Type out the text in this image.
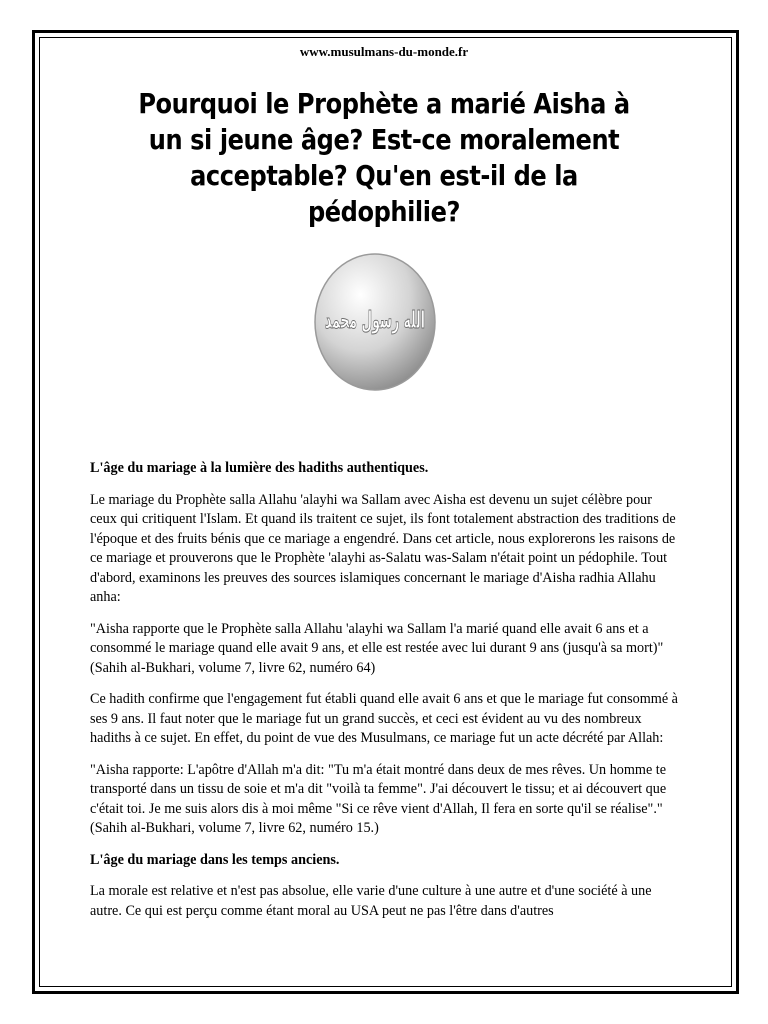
www.musulmans-du-monde.fr
Pourquoi le Prophète a marié Aisha à un si jeune âge? Est-ce moralement acceptable? Qu'en est-il de la pédophilie?
الله رسول محمد

L'âge du mariage à la lumière des hadiths authentiques.

Le mariage du Prophète salla Allahu 'alayhi wa Sallam avec Aisha est devenu un sujet célèbre pour ceux qui critiquent l'Islam. Et quand ils traitent ce sujet, ils font totalement abstraction des traditions de l'époque et des fruits bénis que ce mariage a engendré. Dans cet article, nous explorerons les raisons de ce mariage et prouverons que le Prophète 'alayhi as-Salatu was-Salam n'était point un pédophile. Tout d'abord, examinons les preuves des sources islamiques concernant le mariage d'Aisha radhia Allahu anha:

"Aisha rapporte que le Prophète salla Allahu 'alayhi wa Sallam l'a marié quand elle avait 6 ans et a consommé le mariage quand elle avait 9 ans, et elle est restée avec lui durant 9 ans (jusqu'à sa mort)" (Sahih al-Bukhari, volume 7, livre 62, numéro 64)

Ce hadith confirme que l'engagement fut établi quand elle avait 6 ans et que le mariage fut consommé à ses 9 ans. Il faut noter que le mariage fut un grand succès, et ceci est évident au vu des nombreux hadiths à ce sujet. En effet, du point de vue des Musulmans, ce mariage fut un acte décrété par Allah:

"Aisha rapporte: L'apôtre d'Allah m'a dit: "Tu m'a était montré dans deux de mes rêves. Un homme te transporté dans un tissu de soie et m'a dit "voilà ta femme". J'ai découvert le tissu; et ai découvert que c'était toi. Je me suis alors dis à moi même "Si ce rêve vient d'Allah, Il fera en sorte qu'il se réalise"." (Sahih al-Bukhari, volume 7, livre 62, numéro 15.)

L'âge du mariage dans les temps anciens.

La morale est relative et n'est pas absolue, elle varie d'une culture à une autre et d'une société à une autre. Ce qui est perçu comme étant moral au USA peut ne pas l'être dans d'autres
